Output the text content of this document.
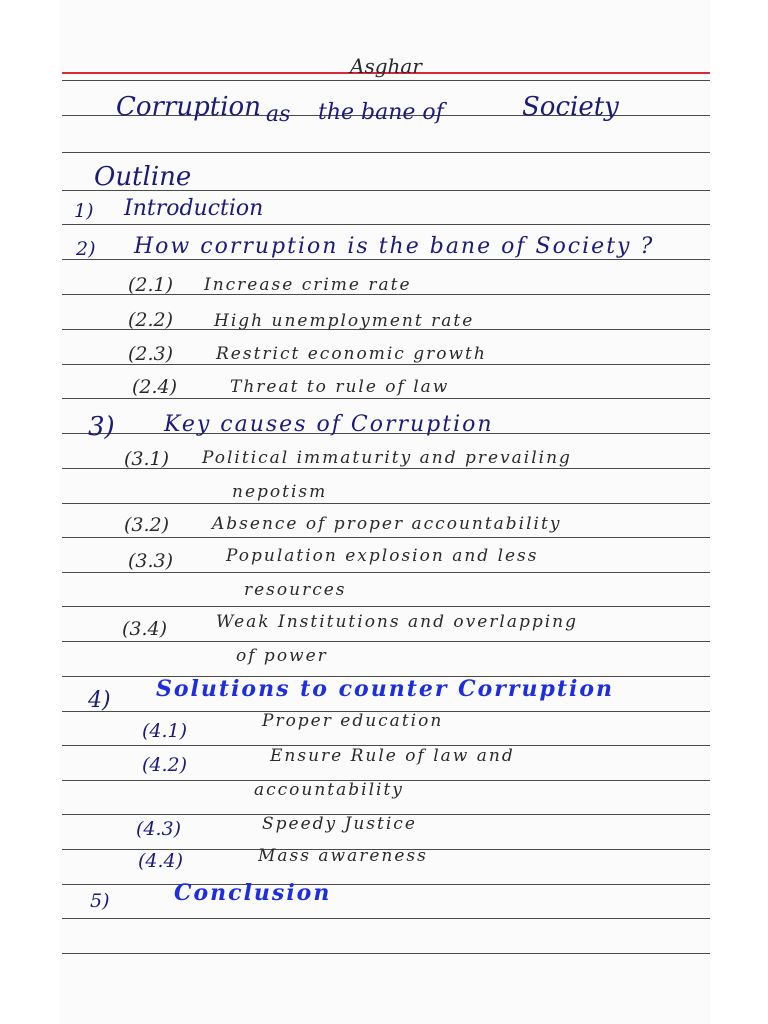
Asghar
Corruption as the bane of	Society
Outline
1) Introduction
2) How corruption is the bane of Society ?
(2.1) Increase crime rate
(2.2) High unemployment rate
(2.3)	Restrict economic growth
(2.4)	Threat to rule of law
3) Key causes of Corruption
(3.1) Political immaturity and prevailing
nepotism
(3.2)	Absence of proper accountability
(3.3)	Population explosion and less
resources
(3.4)	Weak Institutions and overlapping
of power
4) Solutions to counter Corruption
(4.1)	Proper education
(4.2)	Ensure Rule of law and
accountability
(4.3)	Speedy Justice
(4.4)	Mass awareness
5)	Conclusion
